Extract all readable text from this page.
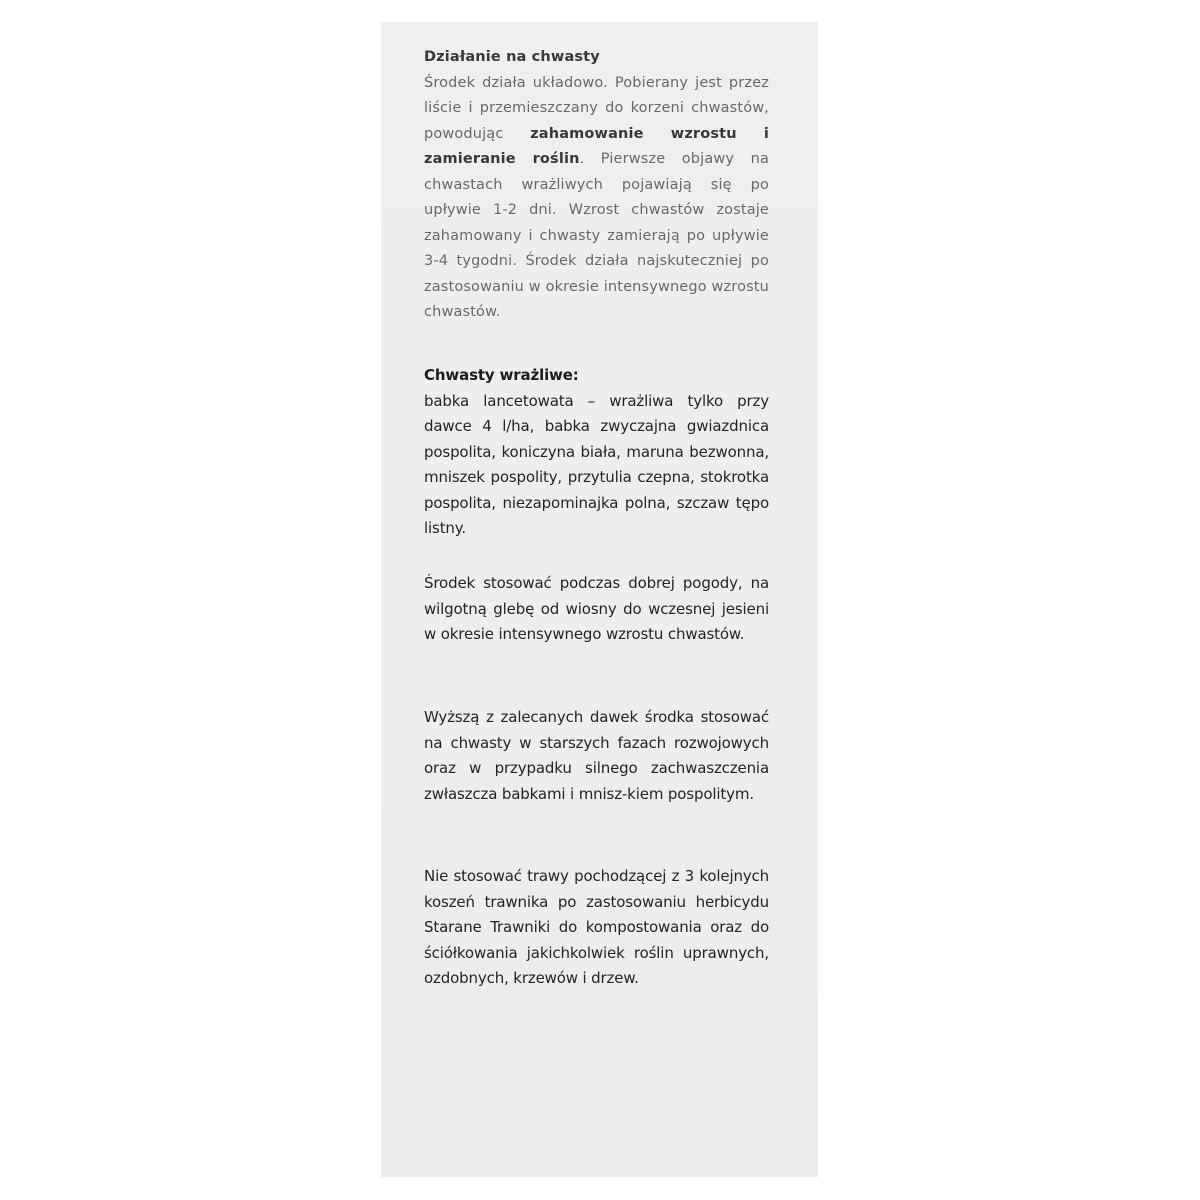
Działanie na chwasty
Środek działa układowo. Pobierany jest przez liście i przemieszczany do korzeni chwastów, powodując zahamowanie wzrostu i zamieranie roślin. Pierwsze objawy na chwastach wrażliwych pojawiają się po upływie 1-2 dni. Wzrost chwastów zostaje zahamowany i chwasty zamierają po upływie 3-4 tygodni. Środek działa najskuteczniej po zastosowaniu w okresie intensywnego wzrostu chwastów.

Chwasty wrażliwe:
babka lancetowata – wrażliwa tylko przy dawce 4 l/ha, babka zwyczajna gwiazdnica pospolita, koniczyna biała, maruna bezwonna, mniszek pospolity, przytulia czepna, stokrotka pospolita, niezapominajka polna, szczaw tępo listny.

Środek stosować podczas dobrej pogody, na wilgotną glebę od wiosny do wczesnej jesieni w okresie intensywnego wzrostu chwastów.

Wyższą z zalecanych dawek środka stosować na chwasty w starszych fazach rozwojowych oraz w przypadku silnego zachwaszczenia zwłaszcza babkami i mnisz-kiem pospolitym.

Nie stosować trawy pochodzącej z 3 kolejnych koszeń trawnika po zastosowaniu herbicydu Starane Trawniki do kompostowania oraz do ściółkowania jakichkolwiek roślin uprawnych, ozdobnych, krzewów i drzew.
